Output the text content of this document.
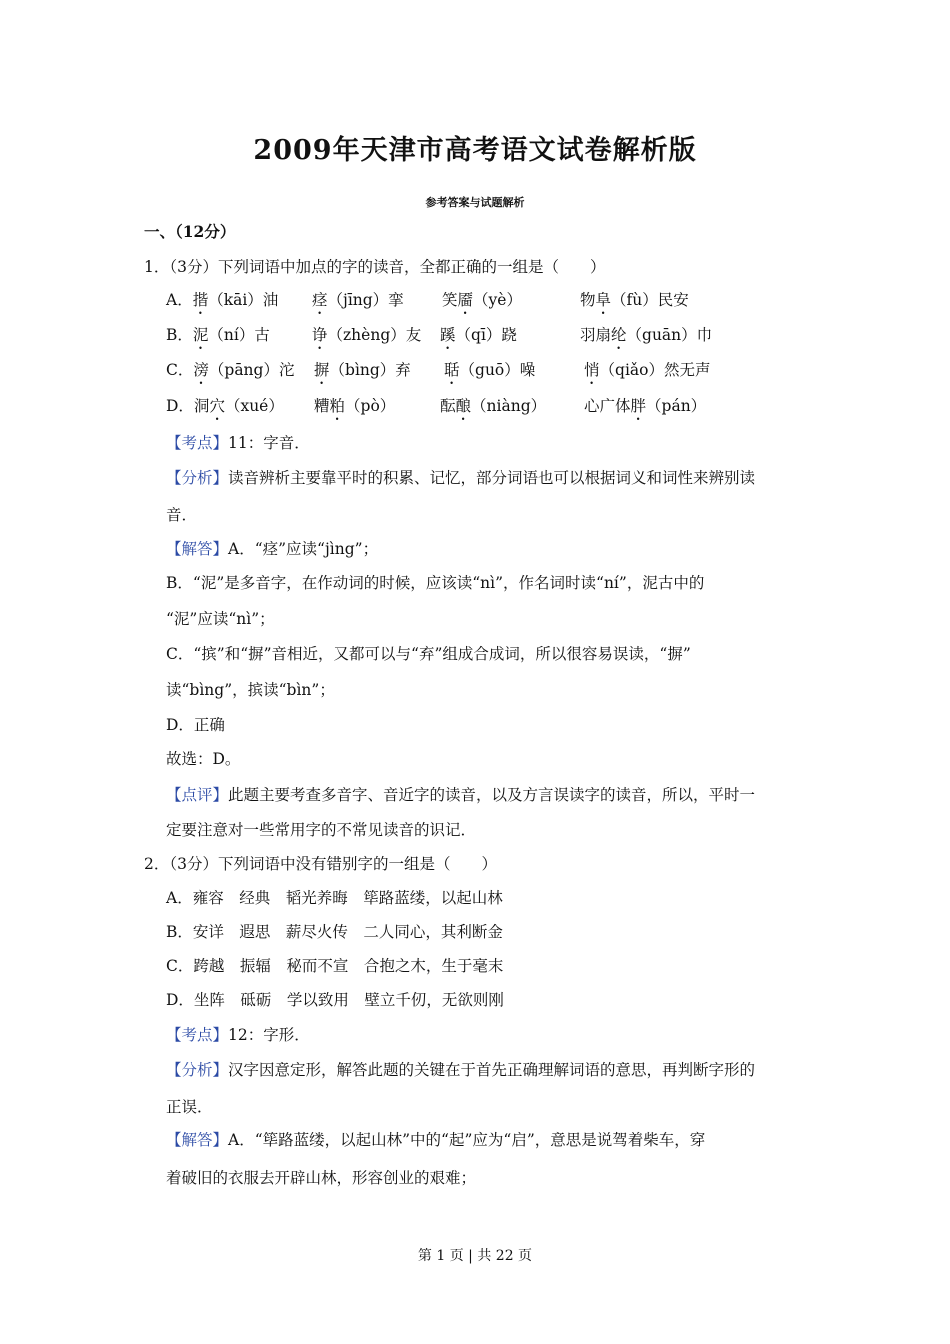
2009年天津市高考语文试卷解析版
参考答案与试题解析
一、（12分）
1．（3分）下列词语中加点的字的读音，全都正确的一组是（　　）
A．揩（kāi）油 痉（jīng）挛 笑靥（yè）	物阜（fù）民安
B．泥（ní）古	诤（zhèng）友 蹊（qī）跷	羽扇纶（guān）巾
C．滂（pāng）沱 摒（bìng）弃 聒（guō）噪	悄（qiǎo）然无声
D．洞穴（xué） 糟粕（pò）	酝酿（niàng） 心广体胖（pán）
【考点】11：字音．
【分析】读音辨析主要靠平时的积累、记忆，部分词语也可以根据词义和词性来辨别读
音．
【解答】A．“痉”应读“jìng”；
B．“泥”是多音字，在作动词的时候，应该读“nì”，作名词时读“ní”，泥古中的
“泥”应读“nì”；
C．“摈”和“摒”音相近，又都可以与“弃”组成合成词，所以很容易误读，“摒”
读“bìng”，摈读“bìn”；
D．正确
故选：D。
【点评】此题主要考查多音字、音近字的读音，以及方言误读字的读音，所以，平时一
定要注意对一些常用字的不常见读音的识记．
2．（3分）下列词语中没有错别字的一组是（　　）
A．雍容　经典　韬光养晦　筚路蓝缕，以起山林
B．安详　遐思　薪尽火传　二人同心，其利断金
C．跨越　振辐　秘而不宣　合抱之木，生于毫末
D．坐阵　砥砺　学以致用　壁立千仞，无欲则刚
【考点】12：字形．
【分析】汉字因意定形，解答此题的关键在于首先正确理解词语的意思，再判断字形的
正误．
【解答】A．“筚路蓝缕，以起山林”中的“起”应为“启”，意思是说驾着柴车，穿
着破旧的衣服去开辟山林，形容创业的艰难；
第 1 页 | 共 22 页
